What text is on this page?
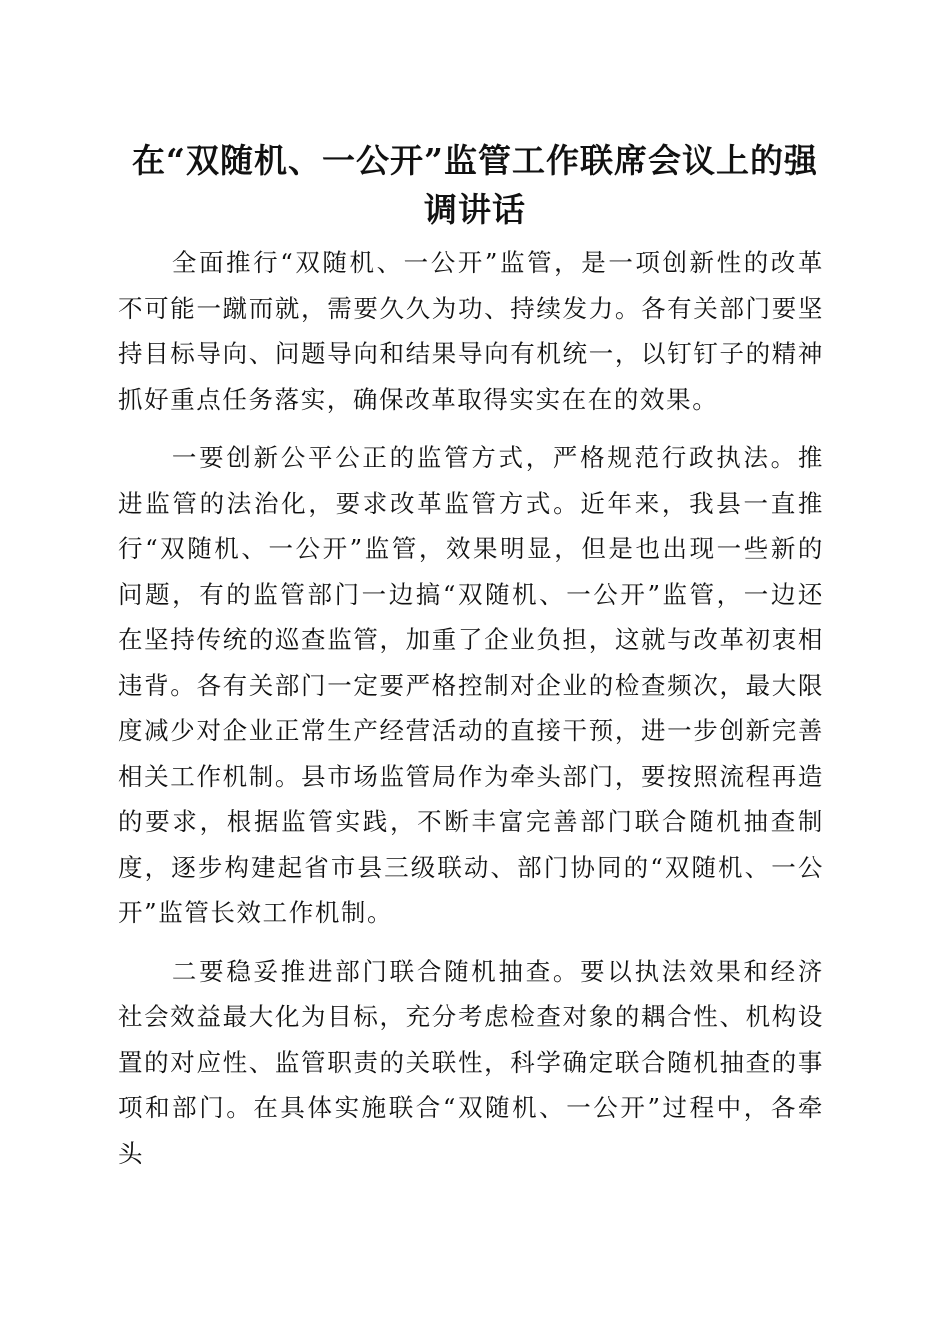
在“双随机、一公开”监管工作联席会议上的强调讲话

全面推行“双随机、一公开”监管，是一项创新性的改革不可能一蹴而就，需要久久为功、持续发力。各有关部门要坚持目标导向、问题导向和结果导向有机统一，以钉钉子的精神抓好重点任务落实，确保改革取得实实在在的效果。

一要创新公平公正的监管方式，严格规范行政执法。推进监管的法治化，要求改革监管方式。近年来，我县一直推行“双随机、一公开”监管，效果明显，但是也出现一些新的问题，有的监管部门一边搞“双随机、一公开”监管，一边还在坚持传统的巡查监管，加重了企业负担，这就与改革初衷相违背。各有关部门一定要严格控制对企业的检查频次，最大限度减少对企业正常生产经营活动的直接干预，进一步创新完善相关工作机制。县市场监管局作为牵头部门，要按照流程再造的要求，根据监管实践，不断丰富完善部门联合随机抽查制度，逐步构建起省市县三级联动、部门协同的“双随机、一公开”监管长效工作机制。

二要稳妥推进部门联合随机抽查。要以执法效果和经济社会效益最大化为目标，充分考虑检查对象的耦合性、机构设置的对应性、监管职责的关联性，科学确定联合随机抽查的事项和部门。在具体实施联合“双随机、一公开”过程中，各牵头
